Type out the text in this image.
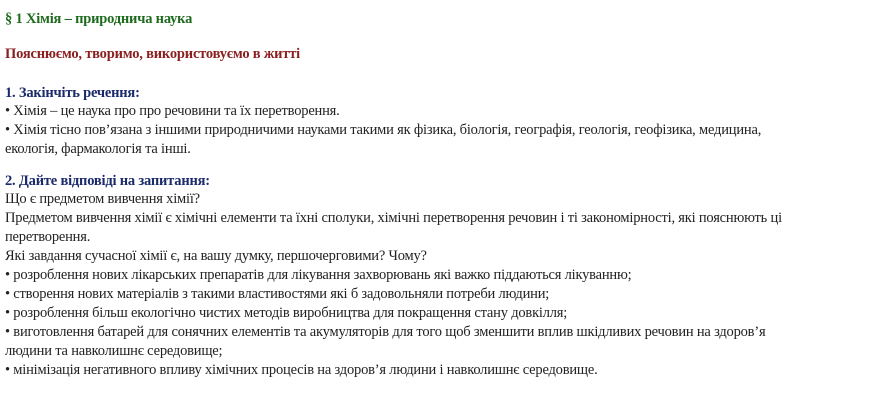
§ 1 Хімія – природнича наука
Пояснюємо, творимо, використовуємо в житті
1. Закінчіть речення:

• Хімія – це наука про про речовини та їх перетворення.

• Хімія тісно пов’язана з іншими природничими науками такими як фізика, біологія, географія, геологія, геофізика, медицина,

екологія, фармакологія та інші.

2. Дайте відповіді на запитання:

Що є предметом вивчення хімії?

Предметом вивчення хімії є хімічні елементи та їхні сполуки, хімічні перетворення речовин і ті закономірності, які пояснюють ці

перетворення.

Які завдання сучасної хімії є, на вашу думку, першочерговими? Чому?

• розроблення нових лікарських препаратів для лікування захворювань які важко піддаються лікуванню;

• створення нових матеріалів з такими властивостями які б задовольняли потреби людини;

• розроблення більш екологічно чистих методів виробництва для покращення стану довкілля;

• виготовлення батарей для сонячних елементів та акумуляторів для того щоб зменшити вплив шкідливих речовин на здоров’я

людини та навколишнє середовище;

• мінімізація негативного впливу хімічних процесів на здоров’я людини і навколишнє середовище.
